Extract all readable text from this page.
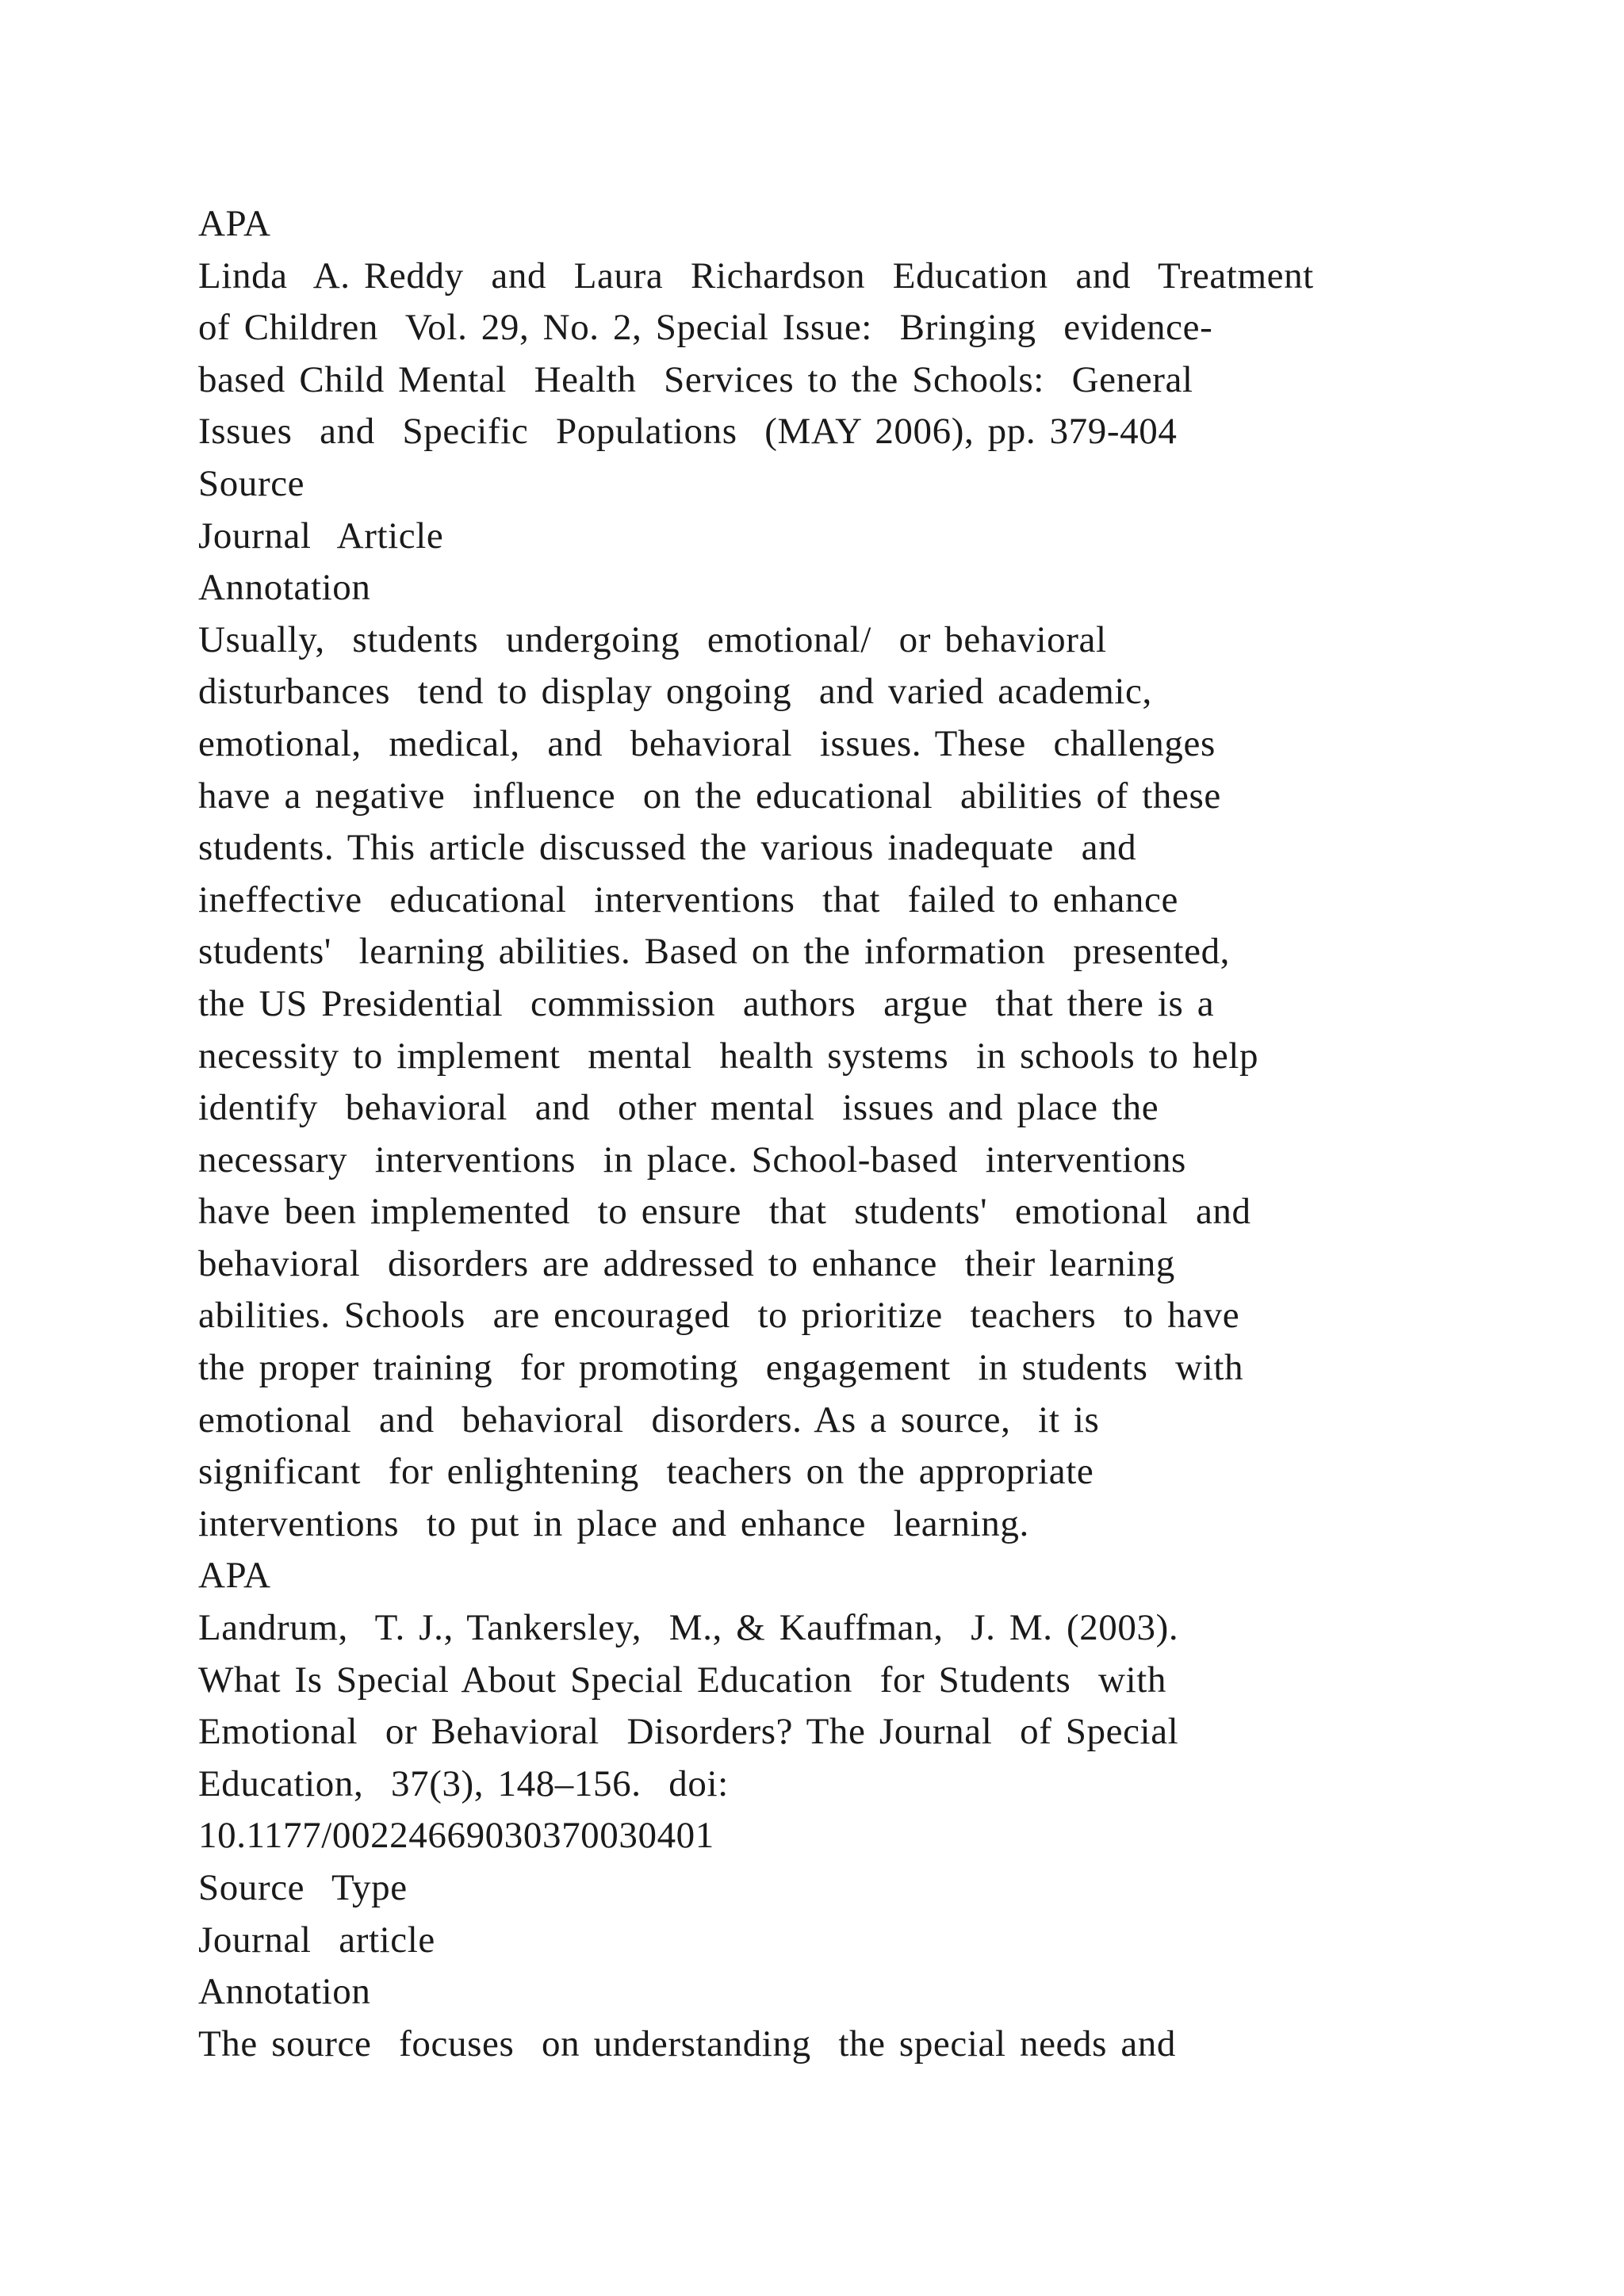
APA
Linda  A. Reddy  and  Laura  Richardson  Education  and  Treatment
of Children  Vol. 29, No. 2, Special Issue:  Bringing  evidence-
based Child Mental  Health  Services to the Schools:  General
Issues  and  Specific  Populations  (MAY 2006), pp. 379-404
Source
Journal  Article
Annotation
Usually,  students  undergoing  emotional/  or behavioral
disturbances  tend to display ongoing  and varied academic,
emotional,  medical,  and  behavioral  issues. These  challenges
have a negative  influence  on the educational  abilities of these
students. This article discussed the various inadequate  and
ineffective  educational  interventions  that  failed to enhance
students'  learning abilities. Based on the information  presented,
the US Presidential  commission  authors  argue  that there is a
necessity to implement  mental  health systems  in schools to help
identify  behavioral  and  other mental  issues and place the
necessary  interventions  in place. School-based  interventions
have been implemented  to ensure  that  students'  emotional  and
behavioral  disorders are addressed to enhance  their learning
abilities. Schools  are encouraged  to prioritize  teachers  to have
the proper training  for promoting  engagement  in students  with
emotional  and  behavioral  disorders. As a source,  it is
significant  for enlightening  teachers on the appropriate
interventions  to put in place and enhance  learning.
APA
Landrum,  T. J., Tankersley,  M., & Kauffman,  J. M. (2003).
What Is Special About Special Education  for Students  with
Emotional  or Behavioral  Disorders? The Journal  of Special
Education,  37(3), 148–156.  doi:
10.1177/00224669030370030401
Source  Type
Journal  article
Annotation
The source  focuses  on understanding  the special needs and
